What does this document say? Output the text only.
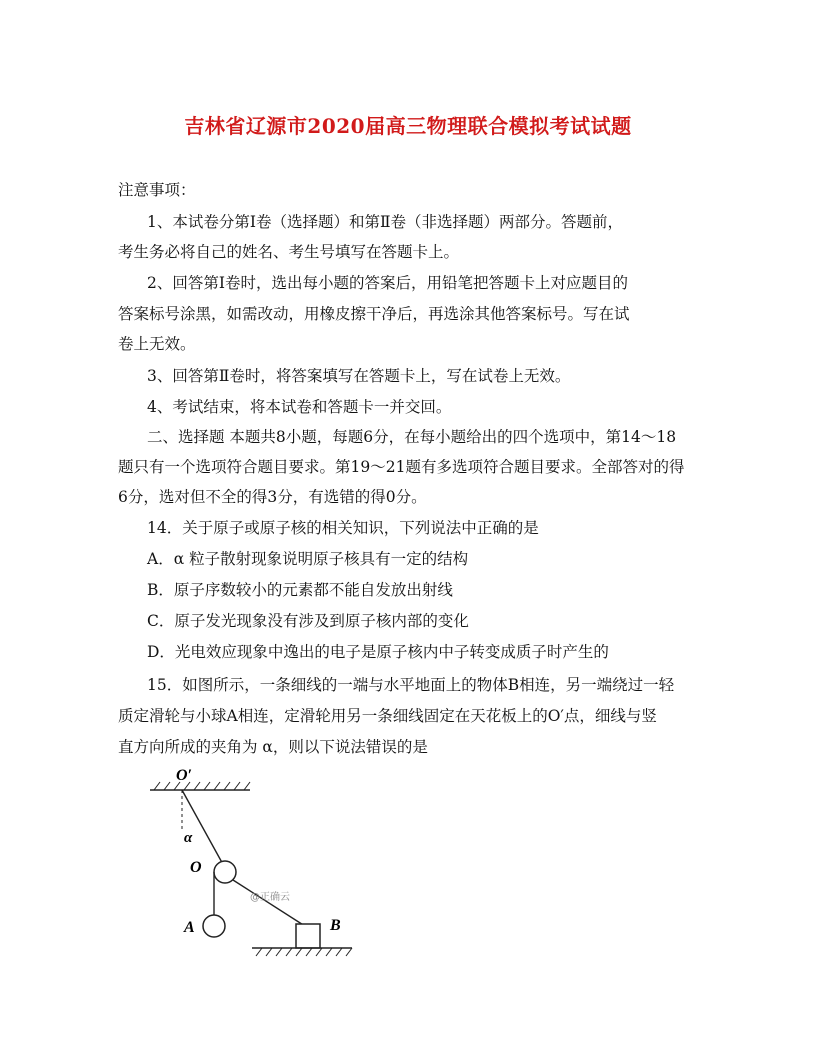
吉林省辽源市2020届高三物理联合模拟考试试题
注意事项：
1、本试卷分第Ⅰ卷（选择题）和第Ⅱ卷（非选择题）两部分。答题前，
考生务必将自己的姓名、考生号填写在答题卡上。
2、回答第Ⅰ卷时，选出每小题的答案后，用铅笔把答题卡上对应题目的
答案标号涂黑，如需改动，用橡皮擦干净后，再选涂其他答案标号。写在试
卷上无效。
3、回答第Ⅱ卷时，将答案填写在答题卡上，写在试卷上无效。
4、考试结束，将本试卷和答题卡一并交回。
二、选择题 本题共8小题，每题6分，在每小题给出的四个选项中，第14～18
题只有一个选项符合题目要求。第19～21题有多选项符合题目要求。全部答对的得
6分，选对但不全的得3分，有选错的得0分。
14．关于原子或原子核的相关知识，下列说法中正确的是
A．α 粒子散射现象说明原子核具有一定的结构
B．原子序数较小的元素都不能自发放出射线
C．原子发光现象没有涉及到原子核内部的变化
D．光电效应现象中逸出的电子是原子核内中子转变成质子时产生的
15．如图所示，一条细线的一端与水平地面上的物体B相连，另一端绕过一轻
质定滑轮与小球A相连，定滑轮用另一条细线固定在天花板上的O′点，细线与竖
直方向所成的夹角为 α，则以下说法错误的是
O′
α
O
A	B
@正确云
